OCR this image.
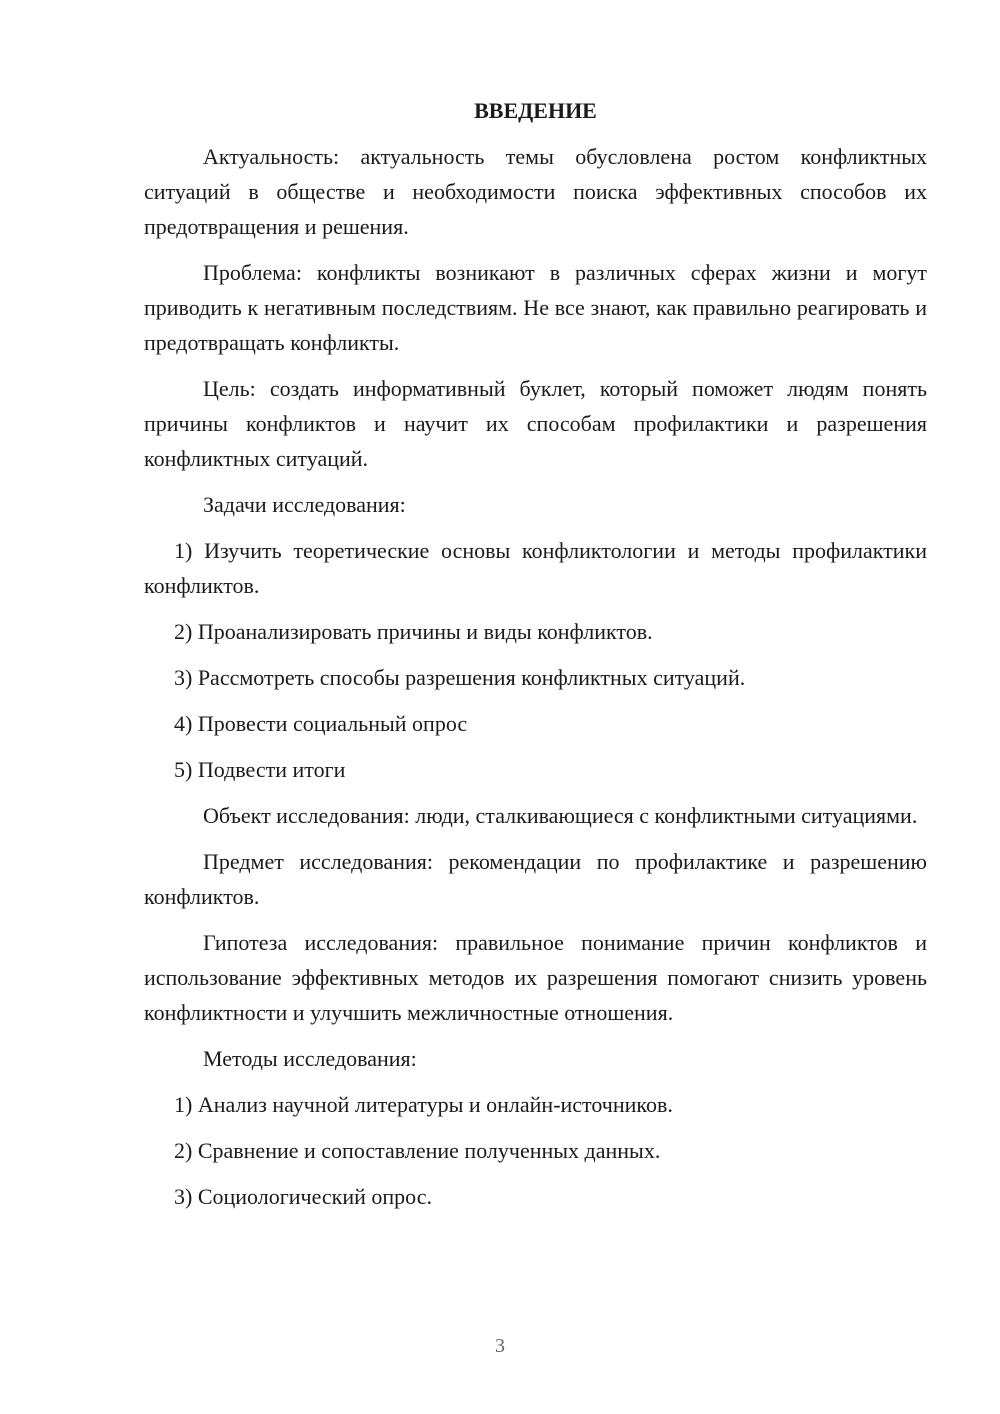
ВВЕДЕНИЕ

Актуальность: актуальность темы обусловлена ростом конфликтных ситуаций в обществе и необходимости поиска эффективных способов их предотвращения и решения.

Проблема: конфликты возникают в различных сферах жизни и могут приводить к негативным последствиям. Не все знают, как правильно реагировать и предотвращать конфликты.

Цель: создать информативный буклет, который поможет людям понять причины конфликтов и научит их способам профилактики и разрешения конфликтных ситуаций.

Задачи исследования:

1) Изучить теоретические основы конфликтологии и методы профилактики конфликтов.

2) Проанализировать причины и виды конфликтов.

3) Рассмотреть способы разрешения конфликтных ситуаций.

4) Провести социальный опрос

5) Подвести итоги

Объект исследования: люди, сталкивающиеся с конфликтными ситуациями.

Предмет исследования: рекомендации по профилактике и разрешению конфликтов.

Гипотеза исследования: правильное понимание причин конфликтов и использование эффективных методов их разрешения помогают снизить уровень конфликтности и улучшить межличностные отношения.

Методы исследования:

1) Анализ научной литературы и онлайн-источников.

2) Сравнение и сопоставление полученных данных.

3) Социологический опрос.

3
